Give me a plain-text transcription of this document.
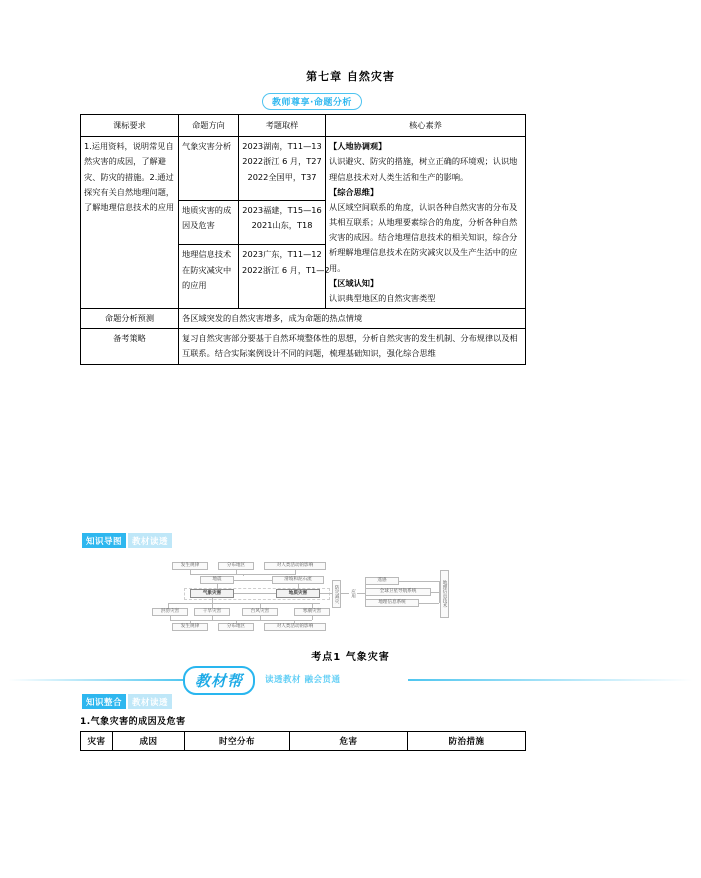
第七章 自然灾害
教师尊享·命题分析
课标要求	命题方向	考题取样	核心素养
1.运用资料，说明常见自然灾害的成因，了解避灾、防灾的措施。2.通过探究有关自然地理问题，了解地理信息技术的应用	气象灾害分析	2023湖南，T11—13
2022浙江 6 月，T27
2022全国甲，T37

【人地协调观】
认识避灾、防灾的措施，树立正确的环境观；认识地理信息技术对人类生活和生产的影响。
【综合思维】
从区域空间联系的角度，认识各种自然灾害的分布及其相互联系；从地理要素综合的角度，分析各种自然灾害的成因。结合地理信息技术的相关知识，综合分析理解地理信息技术在防灾减灾以及生产生活中的应用。
【区域认知】
认识典型地区的自然灾害类型

	地质灾害的成因及危害	2023福建，T15—16
2021山东，T18	

	地理信息技术在防灾减灾中的应用	2023广东，T11—12
2022浙江 6 月，T1—2	

命题分析预测	各区域突发的自然灾害增多，成为命题的热点情境		
备考策略	复习自然灾害部分要基于自然环境整体性的思想，分析自然灾害的发生机制、分布规律以及相互联系。结合实际案例设计不同的问题，梳理基础知识，强化综合思维		
知识导图	教材读透
发生规律	分布地区	对人类活动的影响
地震	滑坡和泥石流
气象灾害	地质灾害
洪涝灾害	干旱灾害	台风灾害	寒潮灾害
发生规律	分布地区	对人类活动的影响
防灾减灾	应用
遥感
全球卫星导航系统
地理信息系统	地理信息技术
考点1 气象灾害
教材帮	读透教材 融会贯通
知识整合	教材读透
1.气象灾害的成因及危害
灾害	成因	时空分布	危害	防治措施
